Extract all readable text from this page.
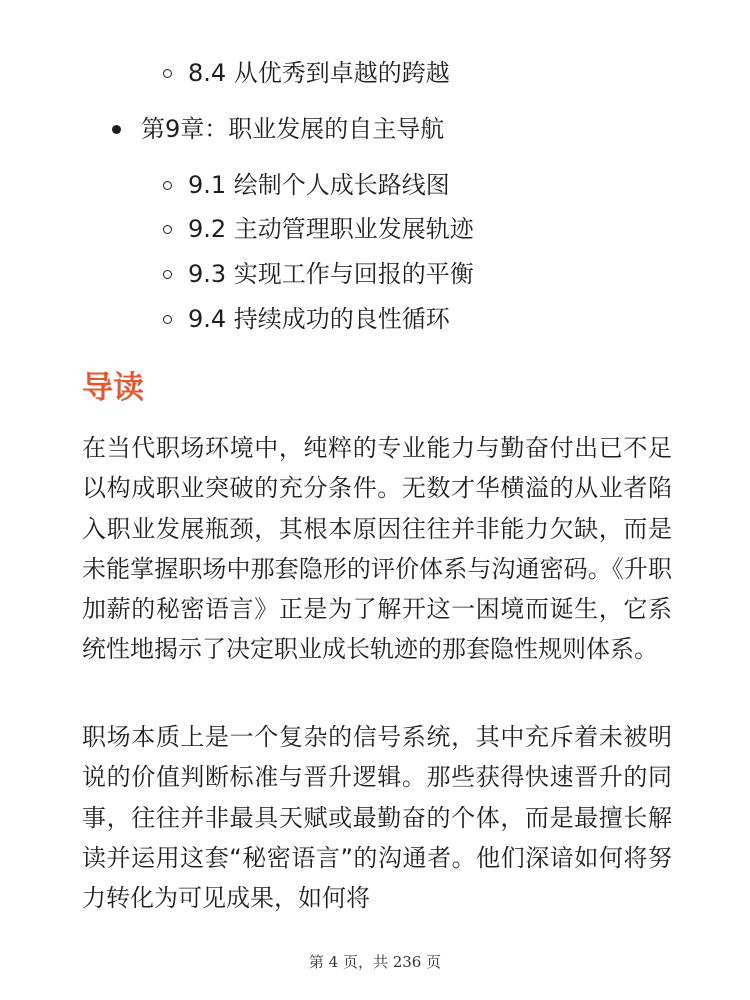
8.4 从优秀到卓越的跨越
第9章：职业发展的自主导航
9.1 绘制个人成长路线图
9.2 主动管理职业发展轨迹
9.3 实现工作与回报的平衡
9.4 持续成功的良性循环
导读

在当代职场环境中，纯粹的专业能力与勤奋付出已不足以构成职业突破的充分条件。无数才华横溢的从业者陷入职业发展瓶颈，其根本原因往往并非能力欠缺，而是未能掌握职场中那套隐形的评价体系与沟通密码。《升职加薪的秘密语言》正是为了解开这一困境而诞生，它系统性地揭示了决定职业成长轨迹的那套隐性规则体系。

职场本质上是一个复杂的信号系统，其中充斥着未被明说的价值判断标准与晋升逻辑。那些获得快速晋升的同事，往往并非最具天赋或最勤奋的个体，而是最擅长解读并运用这套“秘密语言”的沟通者。他们深谙如何将努力转化为可见成果，如何将

第 4 页，共 236 页
